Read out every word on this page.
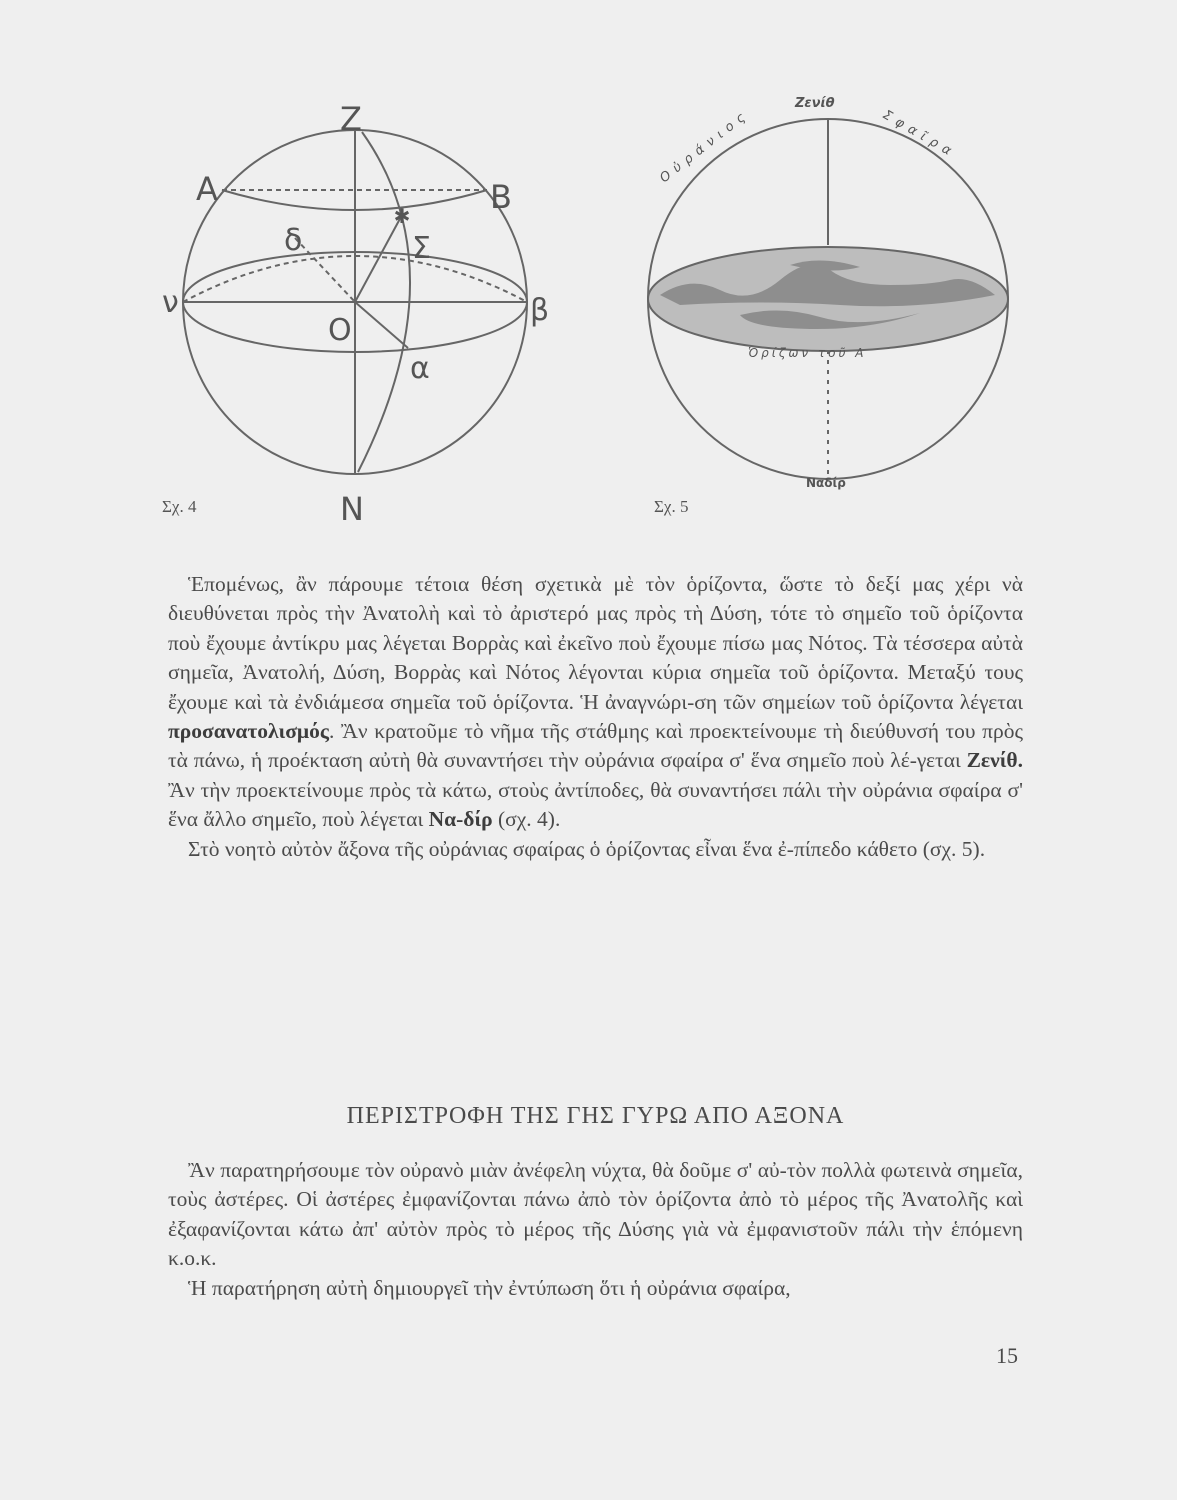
✱
Z
N
A	B
δ	Σ
ν	β
O
α
Σχ. 4
Ζενίθ
Οὐράνιος	Σφαῖρα
Ὁρίζων τοῦ Α
Ναδίρ
Σχ. 5

Ἑπομένως, ἂν πάρουμε τέτοια θέση σχετικὰ μὲ τὸν ὁρίζοντα, ὥστε τὸ δεξί μας χέρι νὰ διευθύνεται πρὸς τὴν Ἀνατολὴ καὶ τὸ ἀριστερό μας πρὸς τὴ Δύση, τότε τὸ σημεῖο τοῦ ὁρίζοντα ποὺ ἔχουμε ἀντίκρυ μας λέγεται Βορρὰς καὶ ἐκεῖνο ποὺ ἔχουμε πίσω μας Νότος. Τὰ τέσσερα αὐτὰ σημεῖα, Ἀνατολή, Δύση, Βορρὰς καὶ Νότος λέγονται κύρια σημεῖα τοῦ ὁρίζοντα. Μεταξύ τους ἔχουμε καὶ τὰ ἐνδιάμεσα σημεῖα τοῦ ὁρίζοντα. Ἡ ἀναγνώρι-ση τῶν σημείων τοῦ ὁρίζοντα λέγεται προσανατολισμός. Ἂν κρατοῦμε τὸ νῆμα τῆς στάθμης καὶ προεκτείνουμε τὴ διεύθυνσή του πρὸς τὰ πάνω, ἡ προέκταση αὐτὴ θὰ συναντήσει τὴν οὐράνια σφαίρα σ' ἕνα σημεῖο ποὺ λέ-γεται Ζενίθ. Ἂν τὴν προεκτείνουμε πρὸς τὰ κάτω, στοὺς ἀντίποδες, θὰ συναντήσει πάλι τὴν οὐράνια σφαίρα σ' ἕνα ἄλλο σημεῖο, ποὺ λέγεται Να-δίρ (σχ. 4).

Στὸ νοητὸ αὐτὸν ἄξονα τῆς οὐράνιας σφαίρας ὁ ὁρίζοντας εἶναι ἕνα ἐ-πίπεδο κάθετο (σχ. 5).

ΠΕΡΙΣΤΡΟΦΗ ΤΗΣ ΓΗΣ ΓΥΡΩ ΑΠΟ ΑΞΟΝΑ

Ἂν παρατηρήσουμε τὸν οὐρανὸ μιὰν ἀνέφελη νύχτα, θὰ δοῦμε σ' αὐ-τὸν πολλὰ φωτεινὰ σημεῖα, τοὺς ἀστέρες. Οἱ ἀστέρες ἐμφανίζονται πάνω ἀπὸ τὸν ὁρίζοντα ἀπὸ τὸ μέρος τῆς Ἀνατολῆς καὶ ἐξαφανίζονται κάτω ἀπ' αὐτὸν πρὸς τὸ μέρος τῆς Δύσης γιὰ νὰ ἐμφανιστοῦν πάλι τὴν ἑπόμενη κ.ο.κ.

Ἡ παρατήρηση αὐτὴ δημιουργεῖ τὴν ἐντύπωση ὅτι ἡ οὐράνια σφαίρα,

15
